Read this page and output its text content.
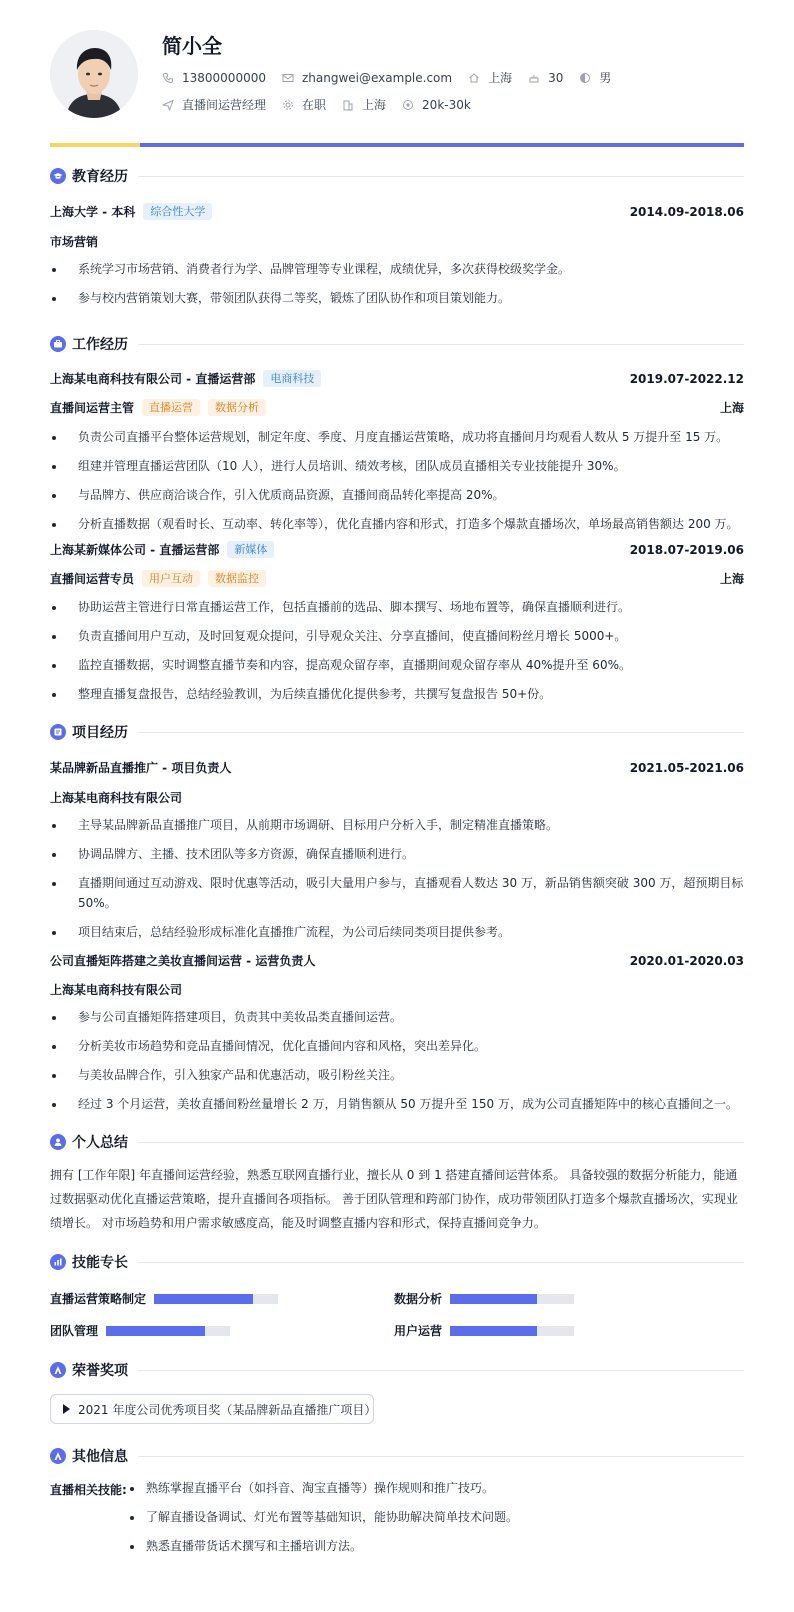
简小全
13800000000	zhangwei@example.com	上海	30	男
直播间运营经理	在职	上海	20k-30k
教育经历
上海大学 - 本科	综合性大学	2014.09-2018.06
市场营销
系统学习市场营销、消费者行为学、品牌管理等专业课程，成绩优异，多次获得校级奖学金。
参与校内营销策划大赛，带领团队获得二等奖，锻炼了团队协作和项目策划能力。
工作经历
上海某电商科技有限公司 - 直播运营部	电商科技	2019.07-2022.12
直播间运营主管	直播运营	数据分析	上海
负责公司直播平台整体运营规划，制定年度、季度、月度直播运营策略，成功将直播间月均观看人数从 5 万提升至 15 万。
组建并管理直播运营团队（10 人），进行人员培训、绩效考核，团队成员直播相关专业技能提升 30%。
与品牌方、供应商洽谈合作，引入优质商品资源，直播间商品转化率提高 20%。
分析直播数据（观看时长、互动率、转化率等），优化直播内容和形式，打造多个爆款直播场次，单场最高销售额达 200 万。
上海某新媒体公司 - 直播运营部	新媒体	2018.07-2019.06
直播间运营专员	用户互动	数据监控	上海
协助运营主管进行日常直播运营工作，包括直播前的选品、脚本撰写、场地布置等，确保直播顺利进行。
负责直播间用户互动，及时回复观众提问，引导观众关注、分享直播间，使直播间粉丝月增长 5000+。
监控直播数据，实时调整直播节奏和内容，提高观众留存率，直播期间观众留存率从 40%提升至 60%。
整理直播复盘报告，总结经验教训，为后续直播优化提供参考，共撰写复盘报告 50+份。
项目经历
某品牌新品直播推广 - 项目负责人	2021.05-2021.06
上海某电商科技有限公司
主导某品牌新品直播推广项目，从前期市场调研、目标用户分析入手，制定精准直播策略。
协调品牌方、主播、技术团队等多方资源，确保直播顺利进行。
直播期间通过互动游戏、限时优惠等活动，吸引大量用户参与，直播观看人数达 30 万，新品销售额突破 300 万，超预期目标 50%。
项目结束后，总结经验形成标准化直播推广流程，为公司后续同类项目提供参考。
公司直播矩阵搭建之美妆直播间运营 - 运营负责人	2020.01-2020.03
上海某电商科技有限公司
参与公司直播矩阵搭建项目，负责其中美妆品类直播间运营。
分析美妆市场趋势和竞品直播间情况，优化直播间内容和风格，突出差异化。
与美妆品牌合作，引入独家产品和优惠活动，吸引粉丝关注。
经过 3 个月运营，美妆直播间粉丝量增长 2 万，月销售额从 50 万提升至 150 万，成为公司直播矩阵中的核心直播间之一。
个人总结
拥有 [工作年限] 年直播间运营经验，熟悉互联网直播行业，擅长从 0 到 1 搭建直播间运营体系。 具备较强的数据分析能力，能通过数据驱动优化直播运营策略，提升直播间各项指标。 善于团队管理和跨部门协作，成功带领团队打造多个爆款直播场次，实现业绩增长。 对市场趋势和用户需求敏感度高，能及时调整直播内容和形式，保持直播间竞争力。
技能专长
直播运营策略制定	数据分析
团队管理	用户运营
荣誉奖项
2021 年度公司优秀项目奖（某品牌新品直播推广项目）
其他信息
直播相关技能:	熟练掌握直播平台（如抖音、淘宝直播等）操作规则和推广技巧。
了解直播设备调试、灯光布置等基础知识，能协助解决简单技术问题。
熟悉直播带货话术撰写和主播培训方法。
